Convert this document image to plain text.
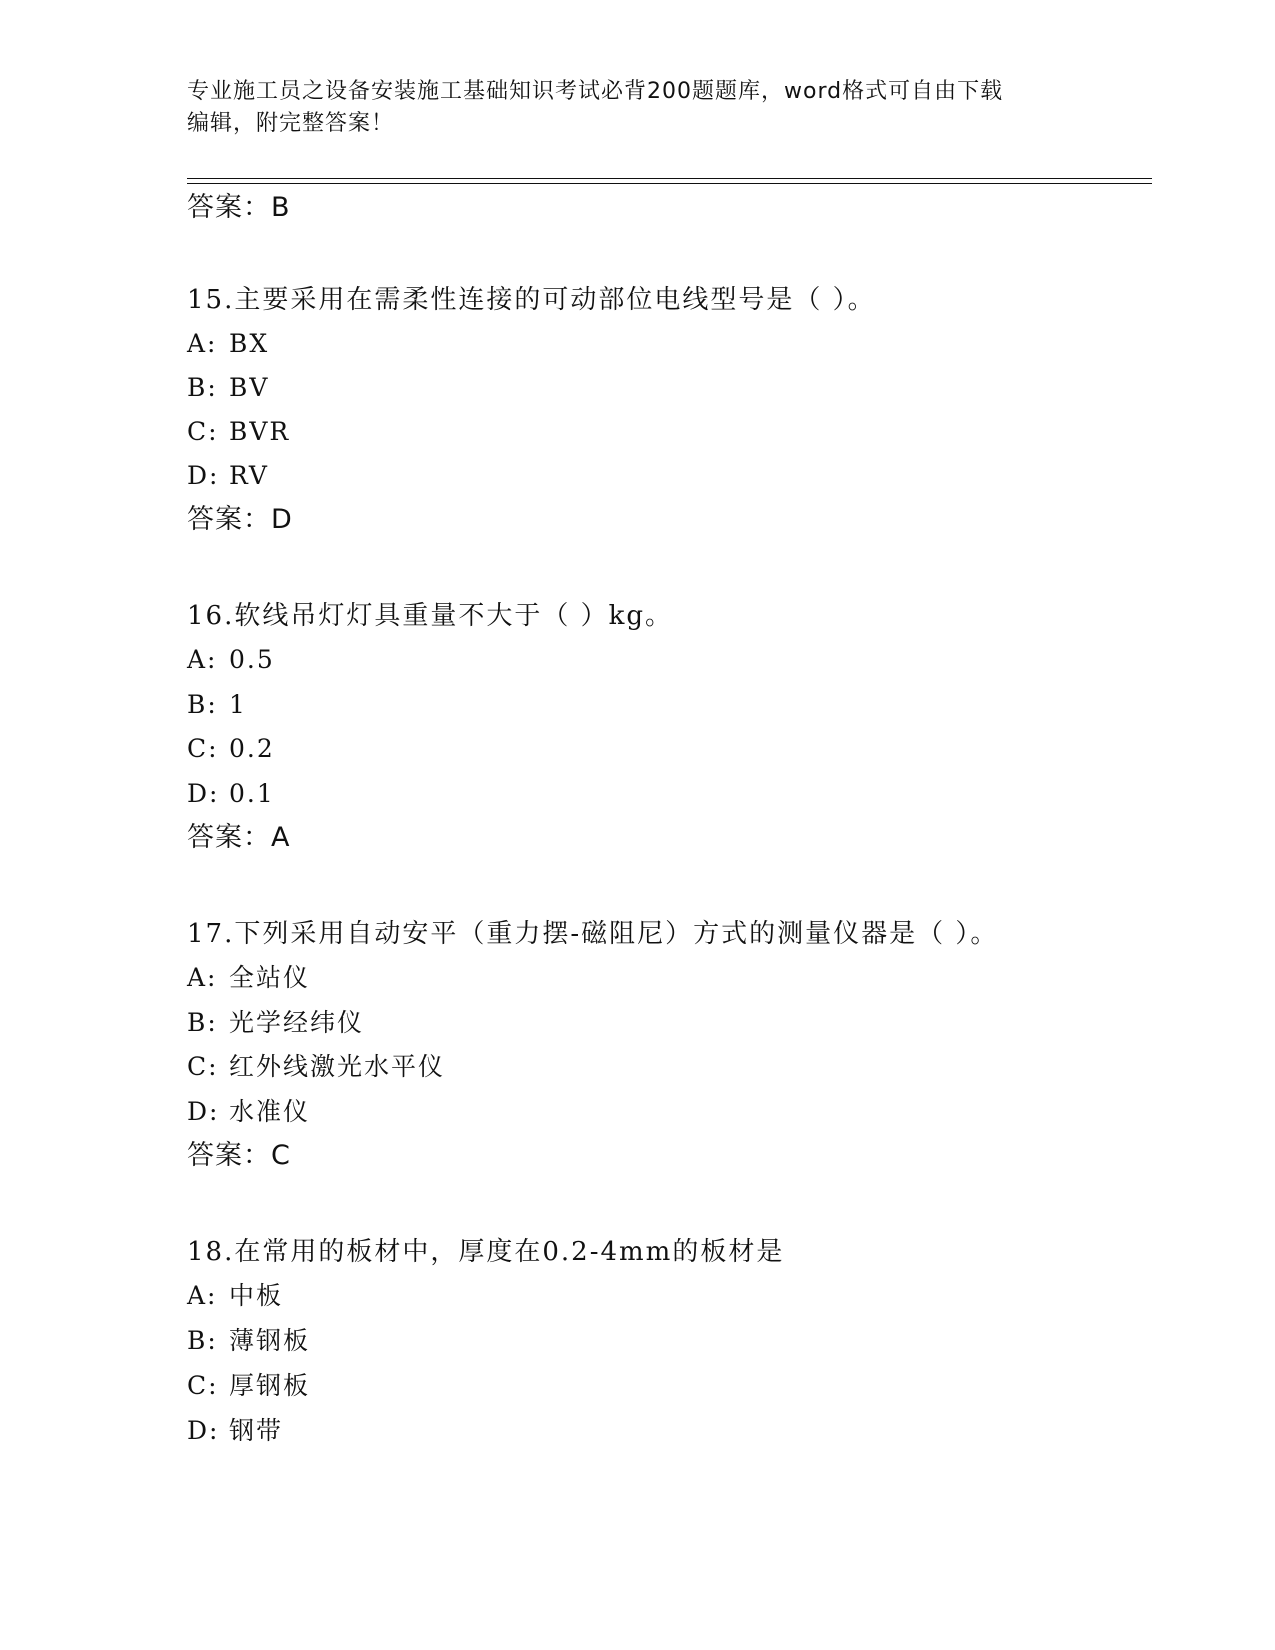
专业施工员之设备安装施工基础知识考试必背200题题库，word格式可自由下载
编辑，附完整答案！
答案：B
15.主要采用在需柔性连接的可动部位电线型号是（ ）。
A: BX
B: BV
C: BVR
D: RV
答案：D
16.软线吊灯灯具重量不大于（ ）kg。
A: 0.5
B: 1
C: 0.2
D: 0.1
答案：A
17.下列采用自动安平（重力摆-磁阻尼）方式的测量仪器是（ ）。
A: 全站仪
B: 光学经纬仪
C: 红外线激光水平仪
D: 水准仪
答案：C
18.在常用的板材中，厚度在0.2-4mm的板材是
A: 中板
B: 薄钢板
C: 厚钢板
D: 钢带
